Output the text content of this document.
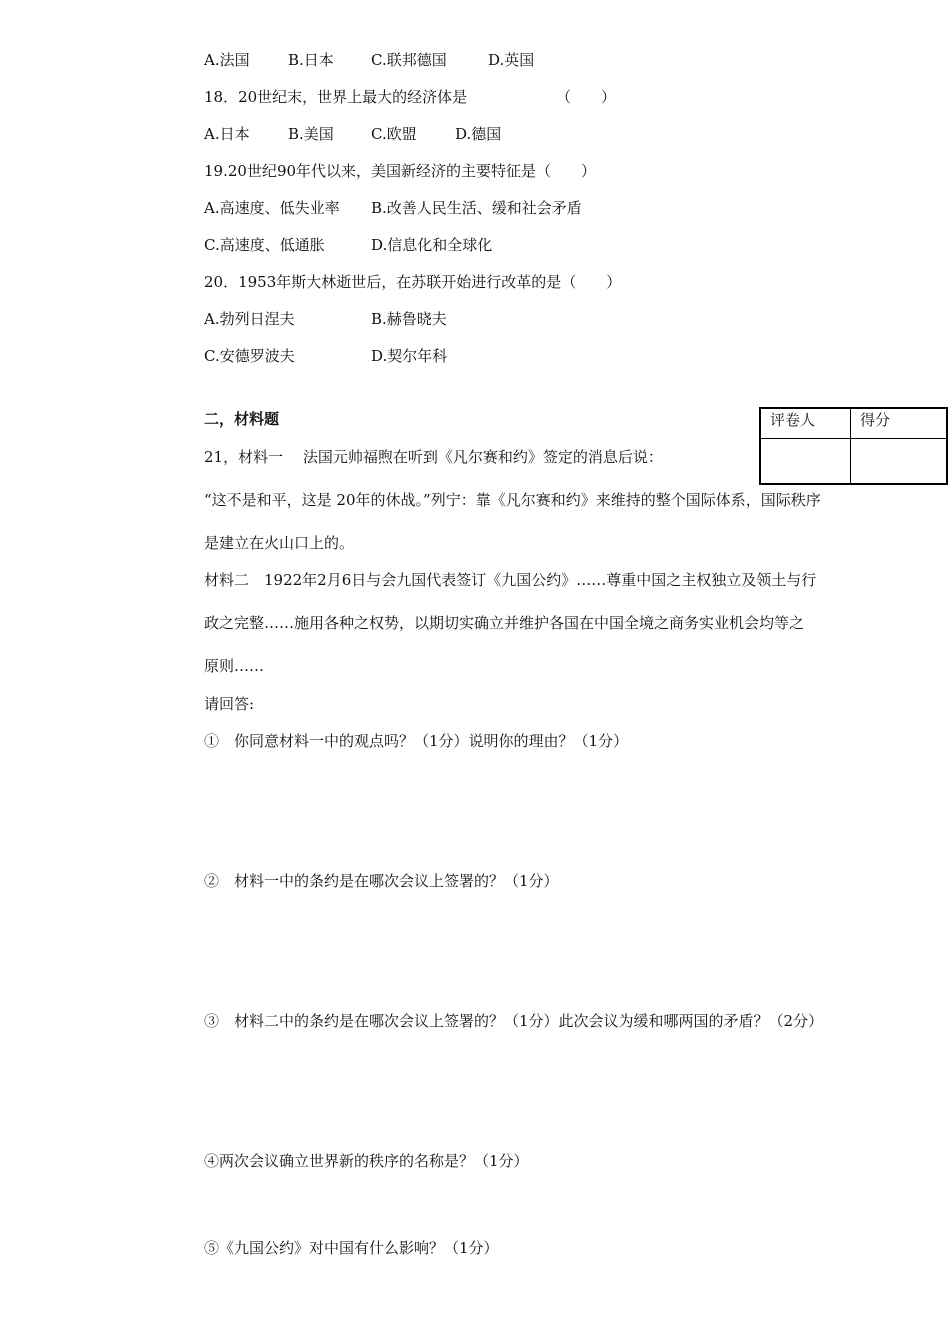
A.法国	B.日本 C.联邦德国	D.英国
18．20世纪末，世界上最大的经济体是	（　　）
A.日本	B.美国 C.欧盟	D.德国
19.20世纪90年代以来，美国新经济的主要特征是（　　）
A.高速度、低失业率 B.改善人民生活、缓和社会矛盾
C.高速度、低通胀	D.信息化和全球化
20．1953年斯大林逝世后，在苏联开始进行改革的是（　　）
A.勃列日涅夫	B.赫鲁晓夫
C.安德罗波夫	D.契尔年科
二，材料题	评卷人	得分
21，材料一　 法国元帅福煦在听到《凡尔赛和约》签定的消息后说：
“这不是和平，这是 20年的休战。”列宁：靠《凡尔赛和约》来维持的整个国际体系，国际秩序
是建立在火山口上的。
材料二　1922年2月6日与会九国代表签订《九国公约》……尊重中国之主权独立及领土与行
政之完整……施用各种之权势，以期切实确立并维护各国在中国全境之商务实业机会均等之
原则……
请回答:
①　你同意材料一中的观点吗？（1分）说明你的理由？（1分）
②　材料一中的条约是在哪次会议上签署的？（1分）
③　材料二中的条约是在哪次会议上签署的？（1分）此次会议为缓和哪两国的矛盾？（2分）
④两次会议确立世界新的秩序的名称是？（1分）
⑤《九国公约》对中国有什么影响？（1分）
